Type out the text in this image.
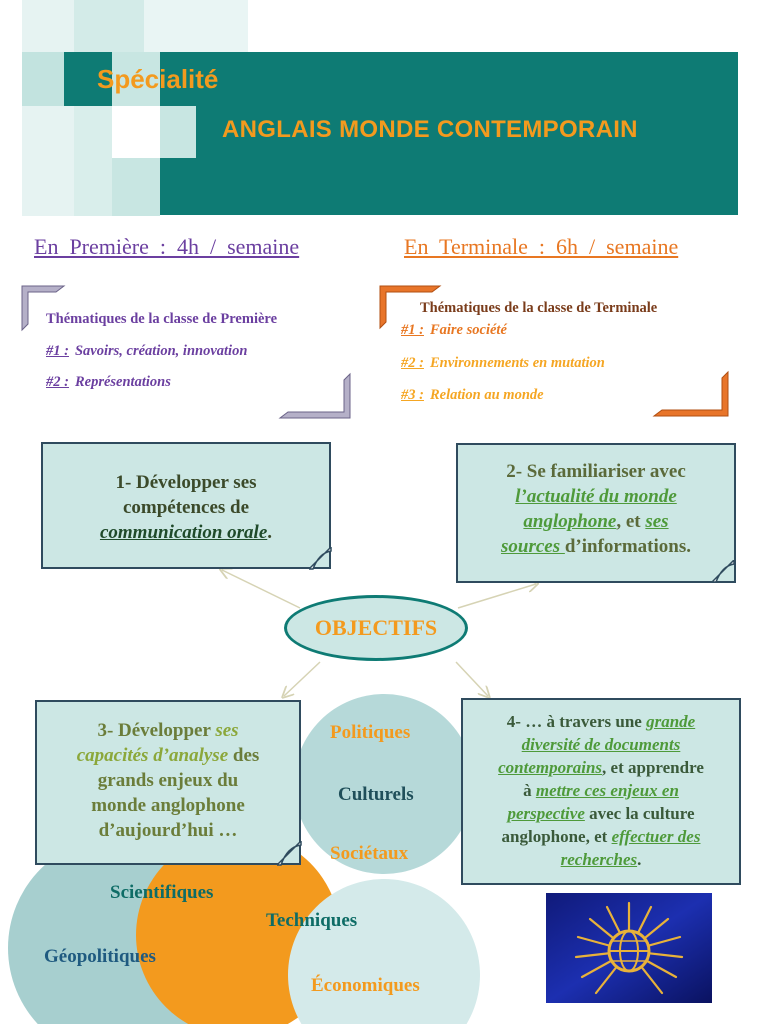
Spécialité
ANGLAIS MONDE CONTEMPORAIN
En  Première  :  4h  /  semaine	En  Terminale  :  6h  /  semaine
Thématiques de la classe de Première
#1 : Savoirs, création, innovation
#2 : Représentations
Thématiques de la classe de Terminale
#1 : Faire société
#2 : Environnements en mutation
#3 : Relation au monde
1- Développer ses
compétences de
communication orale.
2- Se familiariser avec
l’actualité du monde
anglophone, et ses
sources d’informations.
OBJECTIFS
3- Développer ses
capacités d’analyse des
grands enjeux du
monde anglophone
d’aujourd’hui …
4- … à travers une grande
diversité de documents
contemporains, et apprendre
à mettre ces enjeux en
perspective avec la culture
anglophone, et effectuer des
recherches.
Politiques
Culturels
Sociétaux
Scientifiques
Techniques
Géopolitiques
Économiques
